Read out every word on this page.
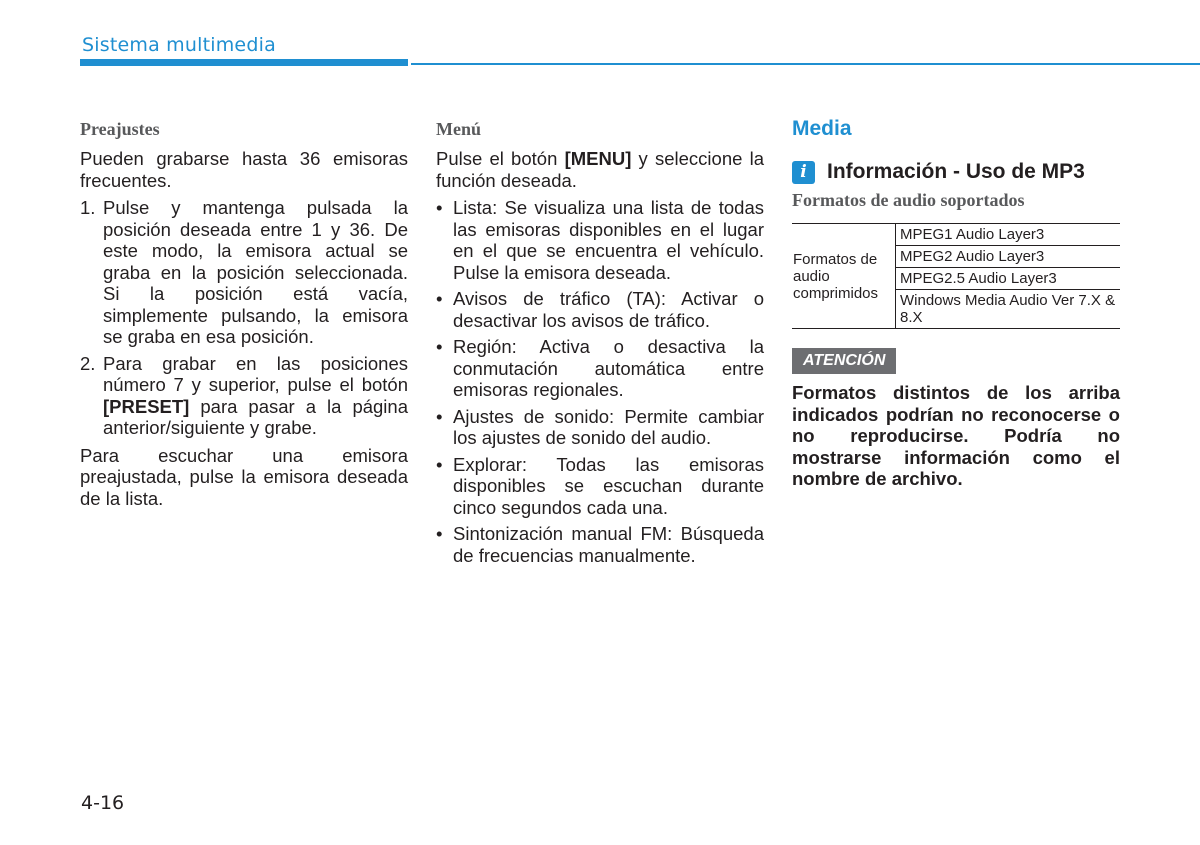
Sistema multimedia
Preajustes

Pueden grabarse hasta 36 emisoras frecuentes.

1. Pulse y mantenga pulsada la posición deseada entre 1 y 36. De este modo, la emisora actual se graba en la posición seleccionada. Si la posición está vacía, simplemente pulsando, la emisora se graba en esa posición.
2. Para grabar en las posiciones número 7 y superior, pulse el botón [PRESET] para pasar a la página anterior/siguiente y grabe.

Para escuchar una emisora preajustada, pulse la emisora deseada de la lista.

Menú

Pulse el botón [MENU] y seleccione la función deseada.

• Lista: Se visualiza una lista de todas las emisoras disponibles en el lugar en el que se encuentra el vehículo. Pulse la emisora deseada.
• Avisos de tráfico (TA): Activar o desactivar los avisos de tráfico.
• Región: Activa o desactiva la conmutación automática entre emisoras regionales.
• Ajustes de sonido: Permite cambiar los ajustes de sonido del audio.
• Explorar: Todas las emisoras disponibles se escuchan durante cinco segundos cada una.
• Sintonización manual FM: Búsqueda de frecuencias manualmente.
Media
i Información - Uso de MP3
Formatos de audio soportados
Formatos de audio comprimidos	MPEG1 Audio Layer3
MPEG2 Audio Layer3
MPEG2.5 Audio Layer3
Windows Media Audio Ver 7.X & 8.X
ATENCIÓN

Formatos distintos de los arriba indicados podrían no reconocerse o no reproducirse. Podría no mostrarse información como el nombre de archivo.

4-16
